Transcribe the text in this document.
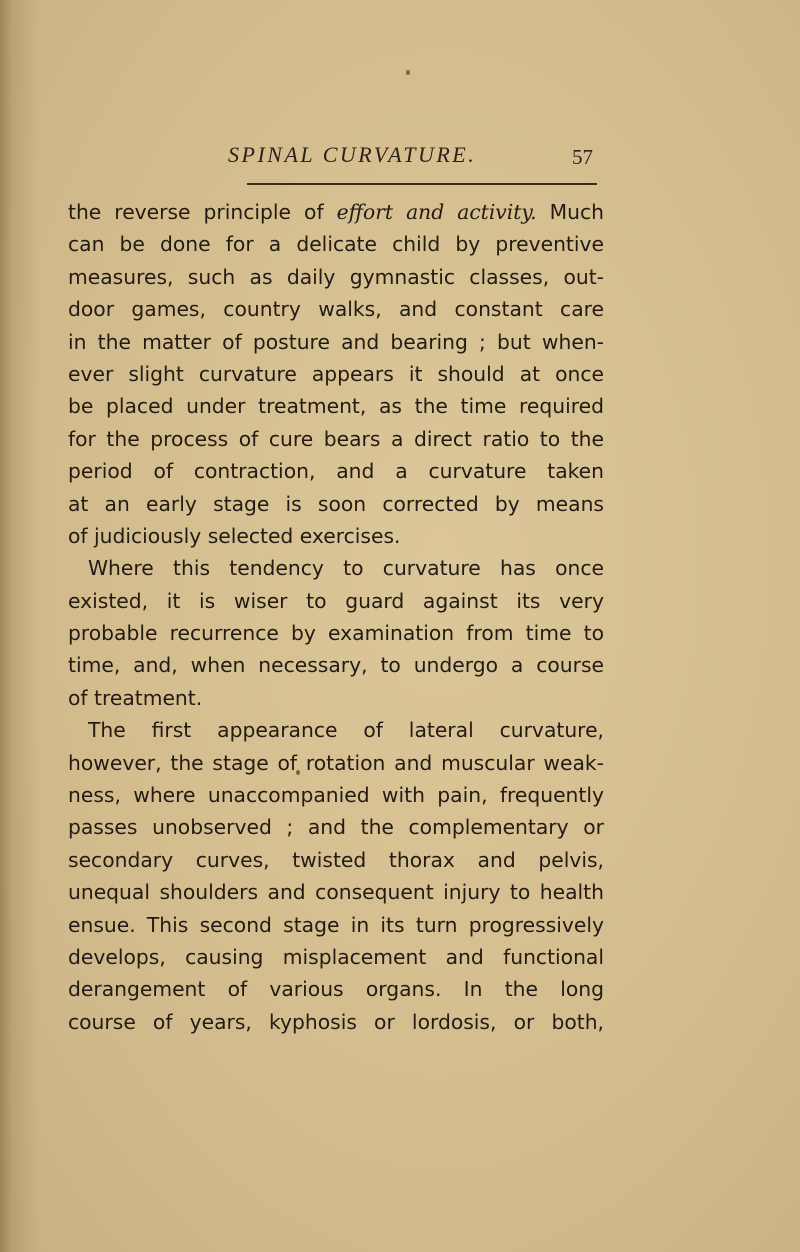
SPINAL CURVATURE.	57
the reverse principle of effort and activity. Much
can be done for a delicate child by preventive
measures, such as daily gymnastic classes, out-
door games, country walks, and constant care
in the matter of posture and bearing ; but when-
ever slight curvature appears it should at once
be placed under treatment, as the time required
for the process of cure bears a direct ratio to the
period of contraction, and a curvature taken
at an early stage is soon corrected by means
of judiciously selected exercises.
Where this tendency to curvature has once
existed, it is wiser to guard against its very
probable recurrence by examination from time to
time, and, when necessary, to undergo a course
of treatment.
The first appearance of lateral curvature,
however, the stage of rotation and muscular weak-
ness, where unaccompanied with pain, frequently
passes unobserved ; and the complementary or
secondary curves, twisted thorax and pelvis,
unequal shoulders and consequent injury to health
ensue. This second stage in its turn progressively
develops, causing misplacement and functional
derangement of various organs. In the long
course of years, kyphosis or lordosis, or both,
